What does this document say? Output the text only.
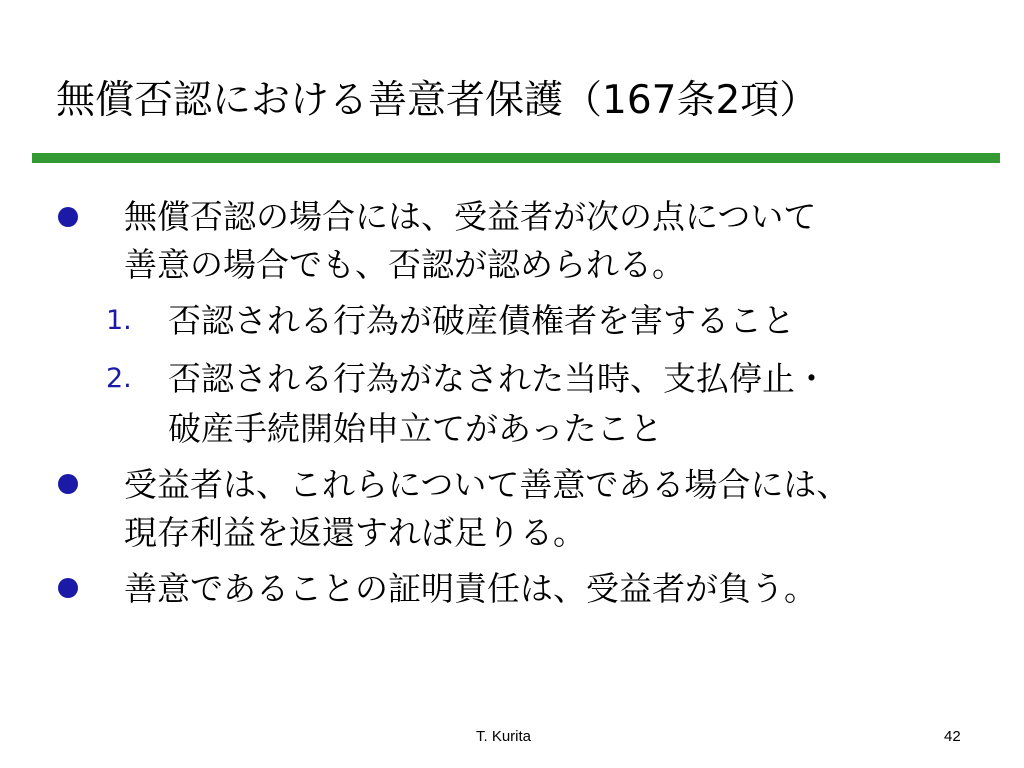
無償否認における善意者保護（167条2項）
無償否認の場合には、受益者が次の点について
善意の場合でも、否認が認められる。
1. 否認される行為が破産債権者を害すること
2. 否認される行為がなされた当時、支払停止・
破産手続開始申立てがあったこと
受益者は、これらについて善意である場合には、
現存利益を返還すれば足りる。
善意であることの証明責任は、受益者が負う。
T. Kurita	42
